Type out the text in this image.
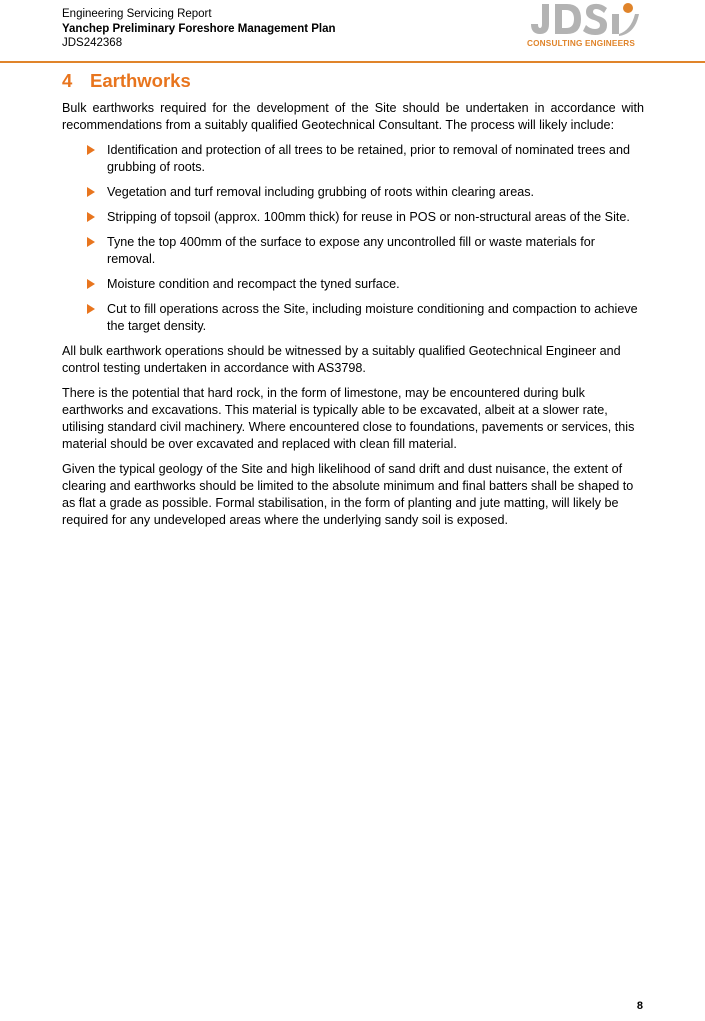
Engineering Servicing Report
Yanchep Preliminary Foreshore Management Plan
JDS242368	CONSULTING ENGINEERS
4 Earthworks

Bulk earthworks required for the development of the Site should be undertaken in accordance with recommendations from a suitably qualified Geotechnical Consultant. The process will likely include:

Identification and protection of all trees to be retained, prior to removal of nominated trees and grubbing of roots.
Vegetation and turf removal including grubbing of roots within clearing areas.
Stripping of topsoil (approx. 100mm thick) for reuse in POS or non-structural areas of the Site.
Tyne the top 400mm of the surface to expose any uncontrolled fill or waste materials for removal.
Moisture condition and recompact the tyned surface.
Cut to fill operations across the Site, including moisture conditioning and compaction to achieve the target density.

All bulk earthwork operations should be witnessed by a suitably qualified Geotechnical Engineer and control testing undertaken in accordance with AS3798.

There is the potential that hard rock, in the form of limestone, may be encountered during bulk earthworks and excavations. This material is typically able to be excavated, albeit at a slower rate, utilising standard civil machinery. Where encountered close to foundations, pavements or services, this material should be over excavated and replaced with clean fill material.

Given the typical geology of the Site and high likelihood of sand drift and dust nuisance, the extent of clearing and earthworks should be limited to the absolute minimum and final batters shall be shaped to as flat a grade as possible. Formal stabilisation, in the form of planting and jute matting, will likely be required for any undeveloped areas where the underlying sandy soil is exposed.

8
